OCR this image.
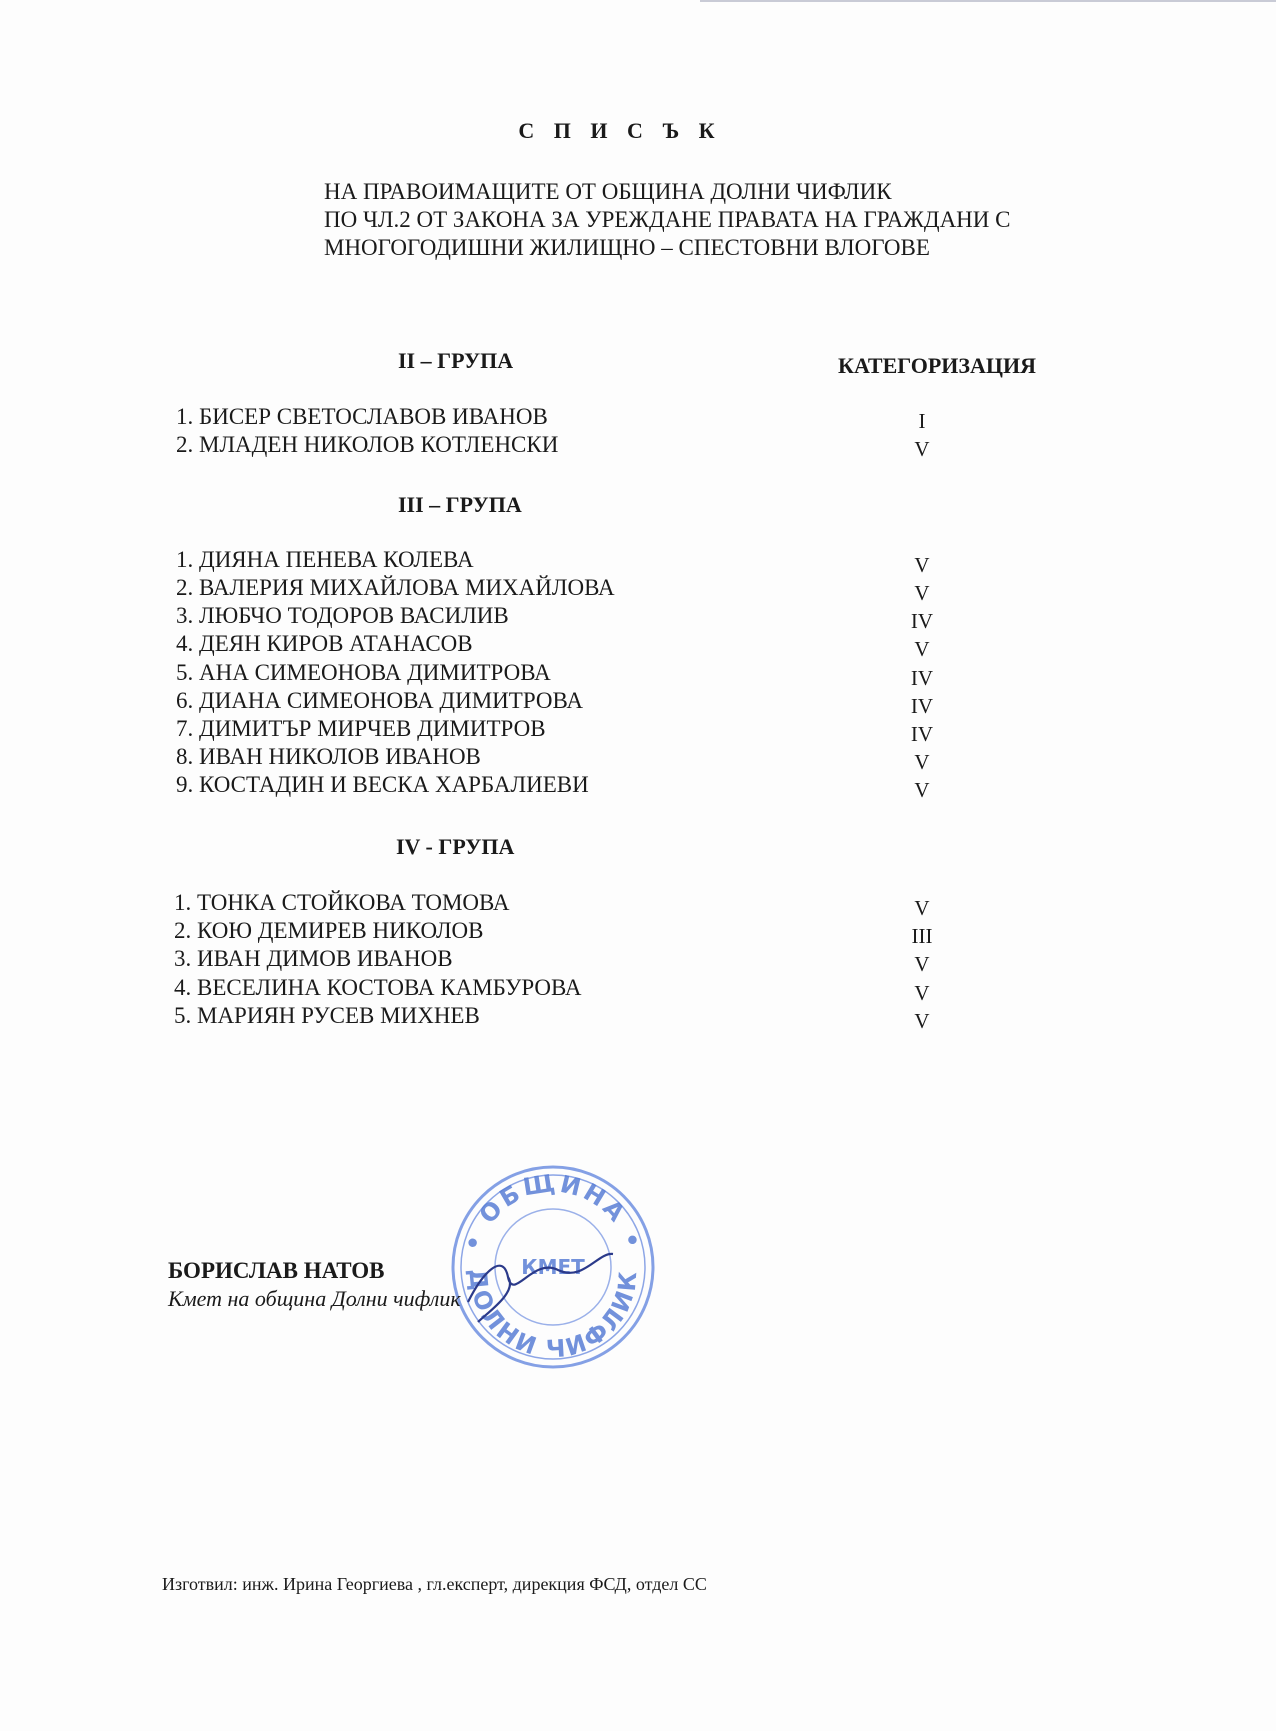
С П И С Ъ К
НА ПРАВОИМАЩИТЕ ОТ ОБЩИНА ДОЛНИ ЧИФЛИК
ПО ЧЛ.2 ОТ ЗАКОНА ЗА УРЕЖДАНЕ ПРАВАТА НА ГРАЖДАНИ С
МНОГОГОДИШНИ ЖИЛИЩНО – СПЕСТОВНИ ВЛОГОВЕ
II – ГРУПА	КАТЕГОРИЗАЦИЯ
1. БИСЕР СВЕТОСЛАВОВ ИВАНОВ	I
2. МЛАДЕН НИКОЛОВ КОТЛЕНСКИ	V
III – ГРУПА
1. ДИЯНА ПЕНЕВА КОЛЕВА	V
2. ВАЛЕРИЯ МИХАЙЛОВА МИХАЙЛОВА	V
3. ЛЮБЧО ТОДОРОВ ВАСИЛИВ	IV
4. ДЕЯН КИРОВ АТАНАСОВ	V
5. АНА СИМЕОНОВА ДИМИТРОВА	IV
6. ДИАНА СИМЕОНОВА ДИМИТРОВА	IV
7. ДИМИТЪР МИРЧЕВ ДИМИТРОВ	IV
8. ИВАН НИКОЛОВ ИВАНОВ	V
9. КОСТАДИН И ВЕСКА ХАРБАЛИЕВИ	V
IV - ГРУПА
1. ТОНКА СТОЙКОВА ТОМОВА	V
2. КОЮ ДЕМИРЕВ НИКОЛОВ	III
3. ИВАН ДИМОВ ИВАНОВ	V
4. ВЕСЕЛИНА КОСТОВА КАМБУРОВА	V
5. МАРИЯН РУСЕВ МИХНЕВ	V
• ОБЩИНА •
ДОЛНИ ЧИФЛИК
КМЕТ
БОРИСЛАВ НАТОВ
Кмет на община Долни чифлик
Изготвил: инж. Ирина Георгиева , гл.експерт, дирекция ФСД, отдел СС
